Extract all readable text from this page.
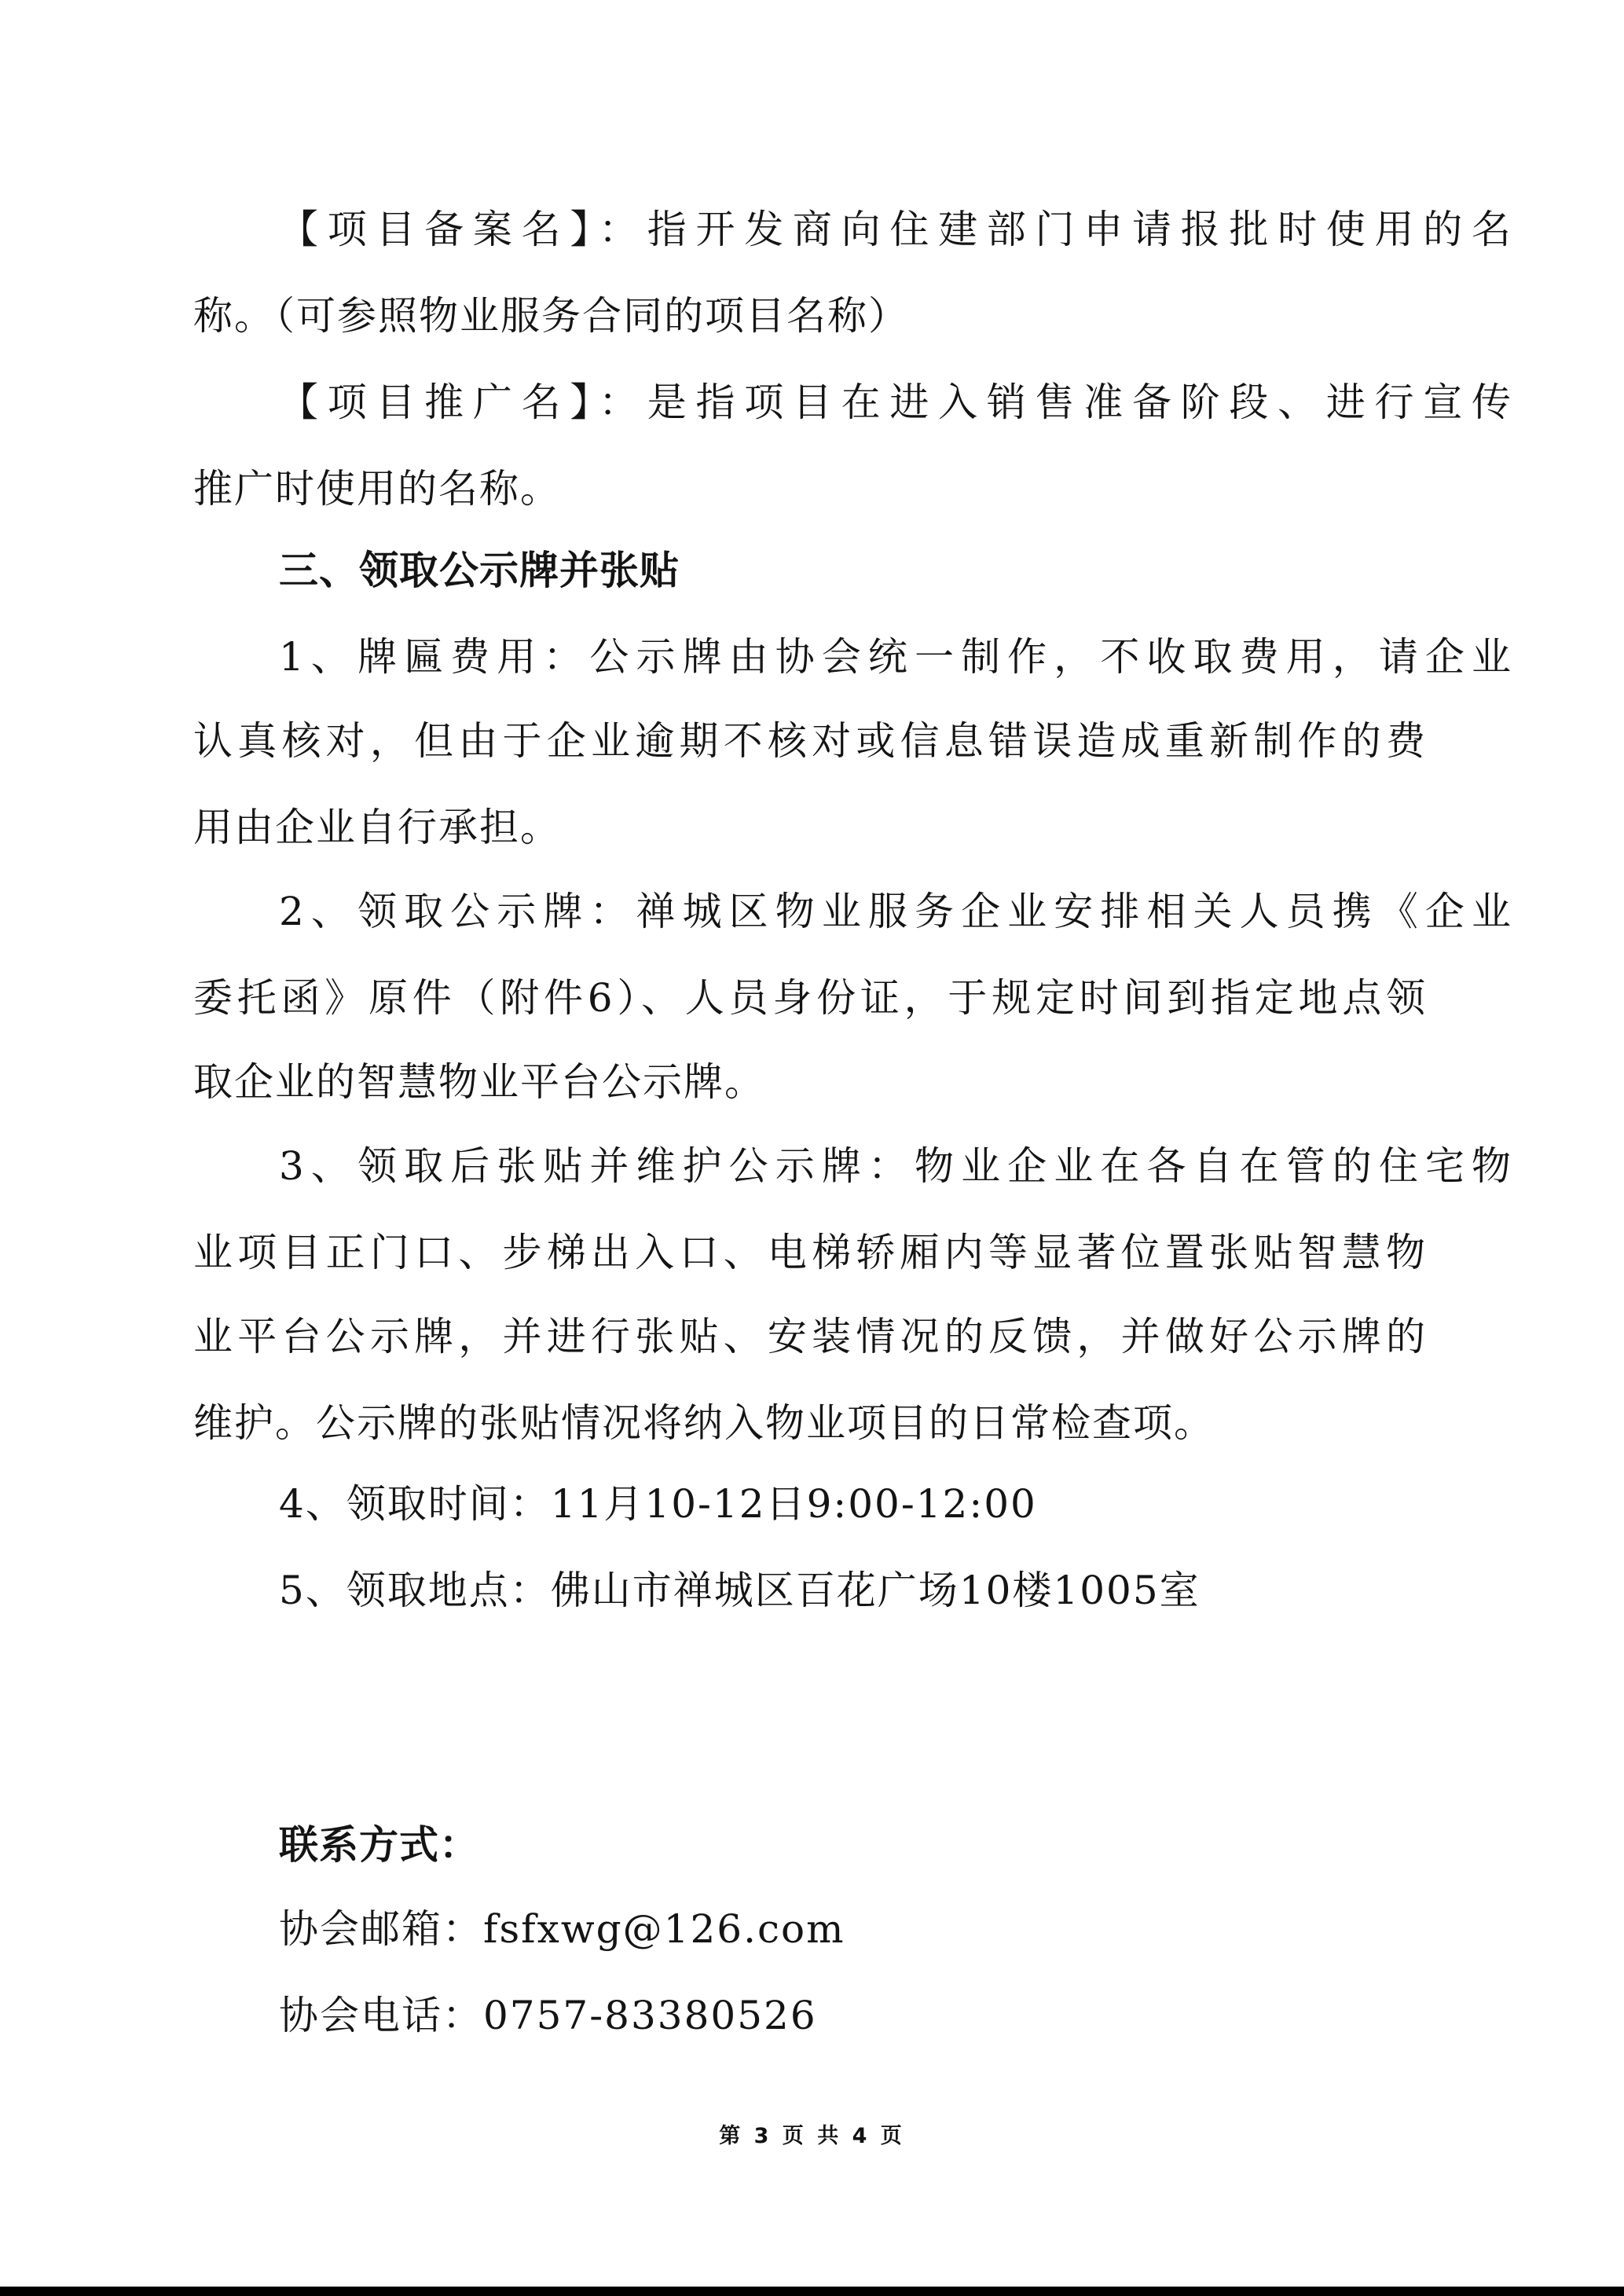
【项目备案名】：指开发商向住建部门申请报批时使用的名
称。（可参照物业服务合同的项目名称）
【项目推广名】：是指项目在进入销售准备阶段、进行宣传
推广时使用的名称。
三、领取公示牌并张贴
1、牌匾费用：公示牌由协会统一制作，不收取费用，请企业
认真核对，但由于企业逾期不核对或信息错误造成重新制作的费
用由企业自行承担。
2、领取公示牌：禅城区物业服务企业安排相关人员携《企业
委托函》原件（附件6）、人员身份证，于规定时间到指定地点领
取企业的智慧物业平台公示牌。
3、领取后张贴并维护公示牌：物业企业在各自在管的住宅物
业项目正门口、步梯出入口、电梯轿厢内等显著位置张贴智慧物
业平台公示牌，并进行张贴、安装情况的反馈，并做好公示牌的
维护。公示牌的张贴情况将纳入物业项目的日常检查项。
4、领取时间：11月10-12日9:00-12:00
5、领取地点：佛山市禅城区百花广场10楼1005室
联系方式：
协会邮箱：fsfxwg@126.com
协会电话：0757-83380526
第 3 页 共 4 页
